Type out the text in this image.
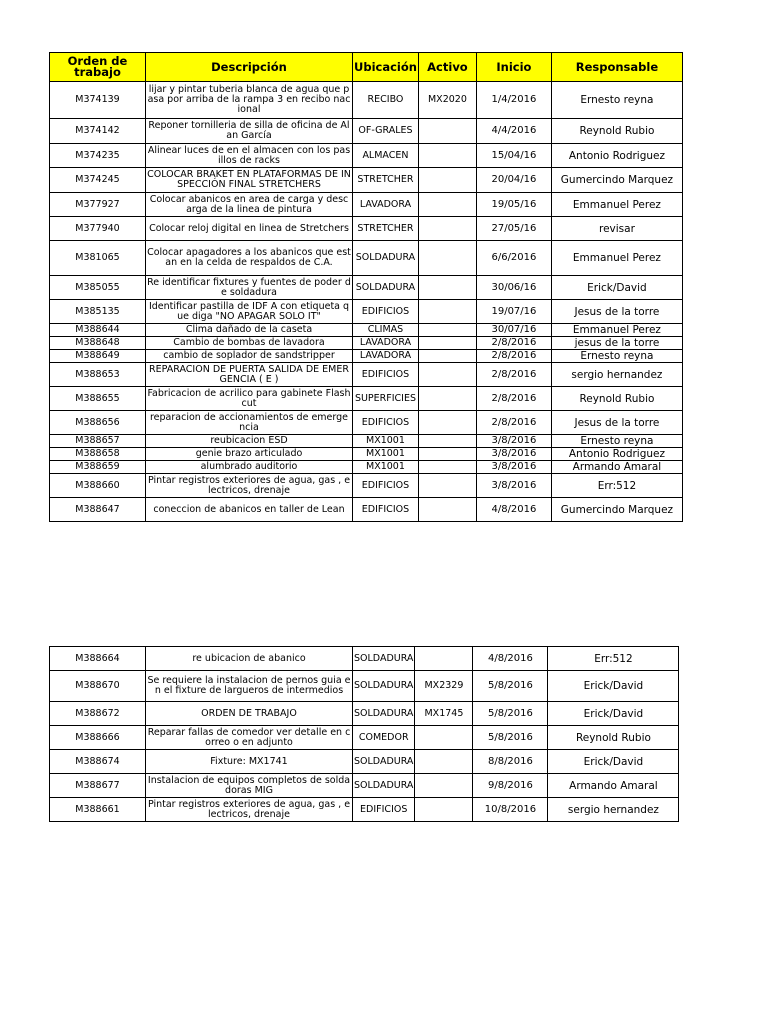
Orden de trabajo	Descripción	Ubicación	Activo	Inicio	Responsable
M374139	lijar y pintar tuberia blanca de agua que pasa por arriba de la rampa 3 en recibo nacional	RECIBO	MX2020	1/4/2016	Ernesto reyna
M374142	Reponer tornilleria de silla de oficina de Alan García	OF-GRALES		4/4/2016	Reynold Rubio
M374235	Alinear luces de en el almacen con los pasillos de racks	ALMACEN		15/04/16	Antonio Rodriguez
M374245	COLOCAR BRAKET EN PLATAFORMAS DE INSPECCIÓN FINAL STRETCHERS	STRETCHER		20/04/16	Gumercindo Marquez
M377927	Colocar abanicos en area de carga y descarga de la linea de pintura	LAVADORA		19/05/16	Emmanuel Perez
M377940	Colocar reloj digital en linea de Stretchers	STRETCHER		27/05/16	revisar
M381065	Colocar apagadores a los abanicos que estan en la celda de respaldos de C.A.	SOLDADURA		6/6/2016	Emmanuel Perez
M385055	Re identificar fixtures y fuentes de poder de soldadura	SOLDADURA		30/06/16	Erick/David
M385135	Identificar pastilla de IDF A con etiqueta que diga "NO APAGAR SOLO IT"	EDIFICIOS		19/07/16	Jesus de la torre
M388644	Clima dañado de la caseta	CLIMAS		30/07/16	Emmanuel Perez
M388648	Cambio de bombas de lavadora	LAVADORA		2/8/2016	jesus de la torre
M388649	cambio de soplador de sandstripper	LAVADORA		2/8/2016	Ernesto reyna
M388653	REPARACION DE PUERTA SALIDA DE EMERGENCIA ( E )	EDIFICIOS		2/8/2016	sergio hernandez
M388655	Fabricacion de acrilico para gabinete Flashcut	SUPERFICIES		2/8/2016	Reynold Rubio
M388656	reparacion de accionamientos de emergencia	EDIFICIOS		2/8/2016	Jesus de la torre
M388657	reubicacion ESD	MX1001		3/8/2016	Ernesto reyna
M388658	genie brazo articulado	MX1001		3/8/2016	Antonio Rodriguez
M388659	alumbrado auditorio	MX1001		3/8/2016	Armando Amaral
M388660	Pintar registros exteriores de agua, gas , electricos, drenaje	EDIFICIOS		3/8/2016	Err:512
M388647	coneccion de abanicos en taller de Lean	EDIFICIOS		4/8/2016	Gumercindo Marquez
M388664	re ubicacion de abanico	SOLDADURA		4/8/2016	Err:512
M388670	Se requiere la instalacion de pernos guia en el fixture de largueros de intermedios	SOLDADURA	MX2329	5/8/2016	Erick/David
M388672	ORDEN DE TRABAJO	SOLDADURA	MX1745	5/8/2016	Erick/David
M388666	Reparar fallas de comedor ver detalle en correo o en adjunto	COMEDOR		5/8/2016	Reynold Rubio
M388674	Fixture: MX1741	SOLDADURA		8/8/2016	Erick/David
M388677	Instalacion de equipos completos de soldadoras MIG	SOLDADURA		9/8/2016	Armando Amaral
M388661	Pintar registros exteriores de agua, gas , electricos, drenaje	EDIFICIOS		10/8/2016	sergio hernandez
